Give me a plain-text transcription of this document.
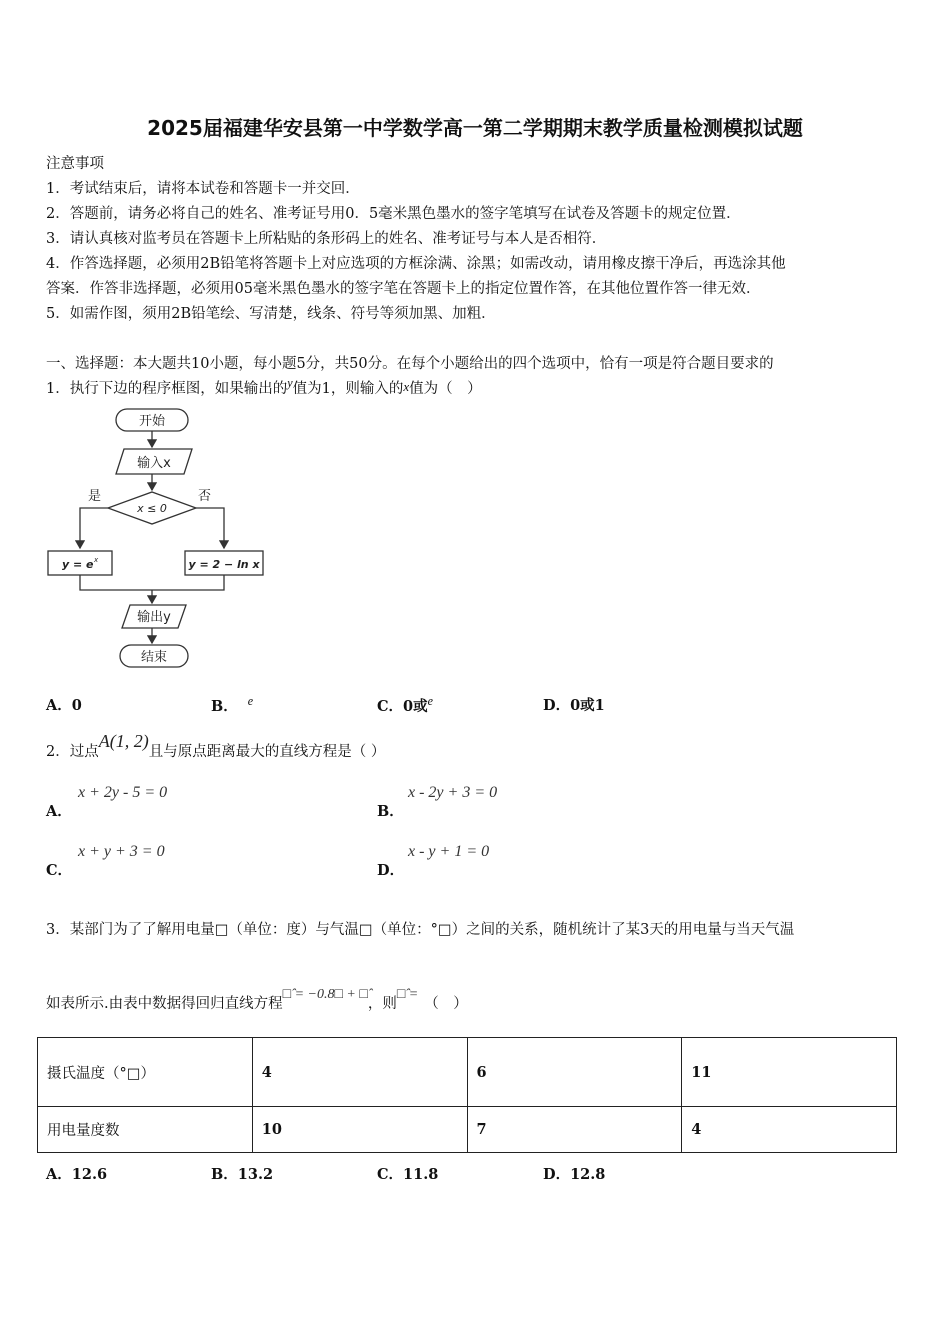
2025届福建华安县第一中学数学高一第二学期期末教学质量检测模拟试题
注意事项
1．考试结束后，请将本试卷和答题卡一并交回．
2．答题前，请务必将自己的姓名、准考证号用0．5毫米黑色墨水的签字笔填写在试卷及答题卡的规定位置．
3．请认真核对监考员在答题卡上所粘贴的条形码上的姓名、准考证号与本人是否相符．
4．作答选择题，必须用2B铅笔将答题卡上对应选项的方框涂满、涂黑；如需改动，请用橡皮擦干净后，再选涂其他
答案．作答非选择题，必须用05毫米黑色墨水的签字笔在答题卡上的指定位置作答，在其他位置作答一律无效．
5．如需作图，须用2B铅笔绘、写清楚，线条、符号等须加黑、加粗．
一、选择题：本大题共10小题，每小题5分，共50分。在每个小题给出的四个选项中，恰有一项是符合题目要求的
1．执行下边的程序框图，如果输出的$^y$值为1，则输入的x值为（　）
开始
输入x
x ≤ 0
是	否
y = e x	y = 2 − ln x
输出y
结束
A．0	B． $^e$	C．0或$^e$	D．0或1
2．过点A(1, 2)且与原点距离最大的直线方程是（ ）
A．
x + 2y - 5 = 0
B．
x - 2y + 3 = 0
C．
x + y + 3 = 0
D．
x - y + 1 = 0
3．某部门为了了解用电量□（单位：度）与气温□（单位：°□）之间的关系，随机统计了某3天的用电量与当天气温
如表所示.由表中数据得回归直线方程□̂ = −0.8□ + □̂，则□̂ =（　）
摄氏温度（°□）	4	6	11
用电量度数	10	7	4
A．12.6	B．13.2	C．11.8	D．12.8
